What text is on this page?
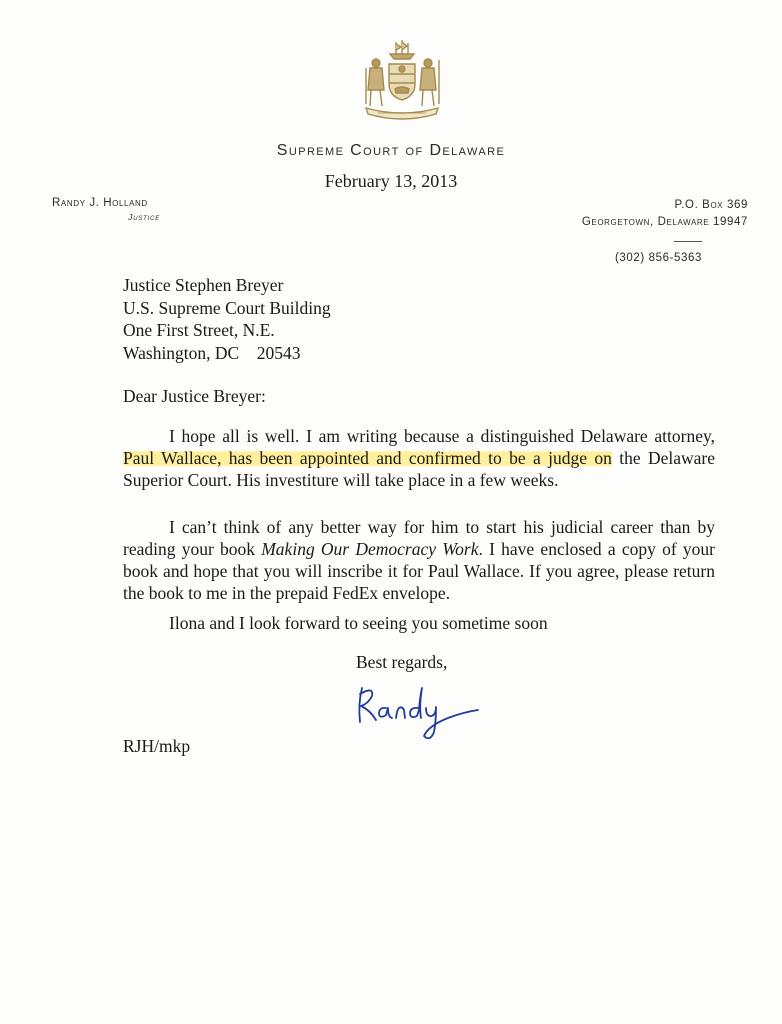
Supreme Court of Delaware
February 13, 2013
Randy J. Holland
Justice
P.O. Box 369
Georgetown, Delaware 19947
(302) 856-5363
Justice Stephen Breyer
U.S. Supreme Court Building
One First Street, N.E.
Washington, DC    20543
Dear Justice Breyer:
I hope all is well. I am writing because a distinguished Delaware attorney, Paul Wallace, has been appointed and confirmed to be a judge on the Delaware Superior Court. His investiture will take place in a few weeks.
I can’t think of any better way for him to start his judicial career than by reading your book Making Our Democracy Work. I have enclosed a copy of your book and hope that you will inscribe it for Paul Wallace. If you agree, please return the book to me in the prepaid FedEx envelope.
Ilona and I look forward to seeing you sometime soon
Best regards,
RJH/mkp
